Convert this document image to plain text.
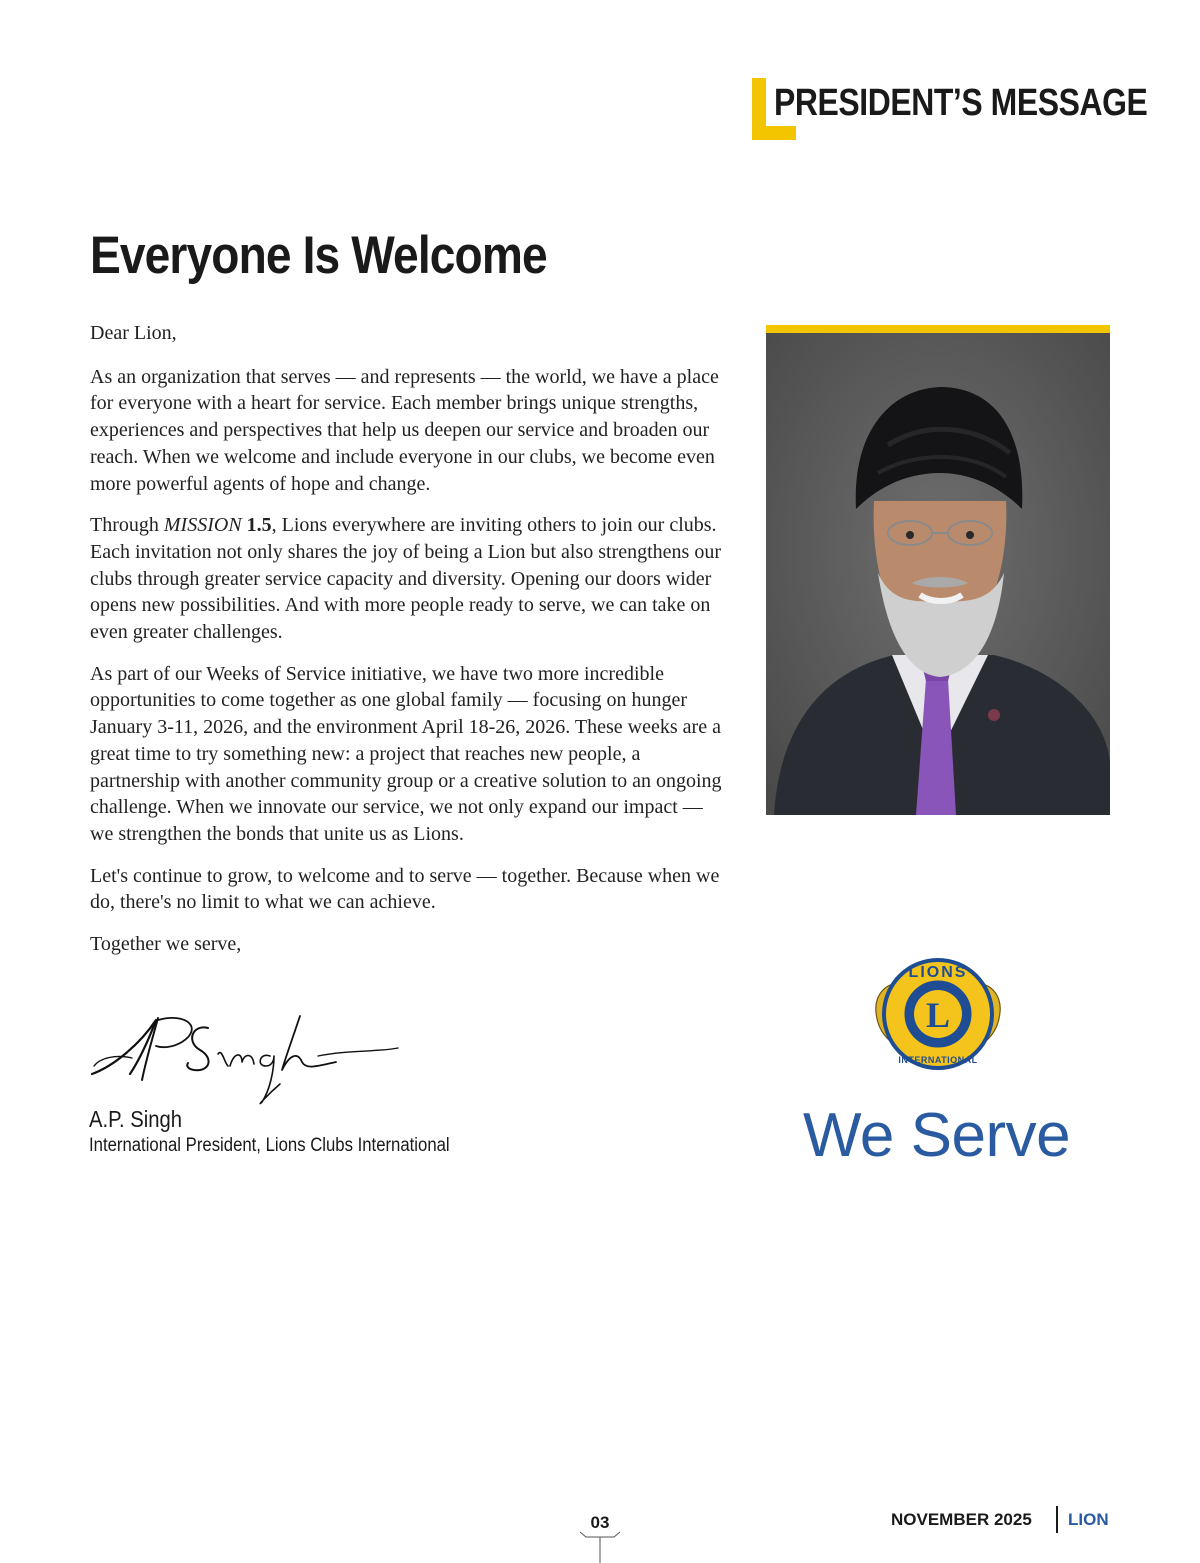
PRESIDENT’S MESSAGE
Everyone Is Welcome

Dear Lion,

As an organization that serves — and represents — the world, we have a place for everyone with a heart for service. Each member brings unique strengths, experiences and perspectives that help us deepen our service and broaden our reach. When we welcome and include everyone in our clubs, we become even more powerful agents of hope and change.

Through MISSION 1.5, Lions everywhere are inviting others to join our clubs. Each invitation not only shares the joy of being a Lion but also strengthens our clubs through greater service capacity and diversity. Opening our doors wider opens new possibilities. And with more people ready to serve, we can take on even greater challenges.

As part of our Weeks of Service initiative, we have two more incredible opportunities to come together as one global family — focusing on hunger January 3-11, 2026, and the environment April 18-26, 2026. These weeks are a great time to try something new: a project that reaches new people, a partnership with another community group or a creative solution to an ongoing challenge. When we innovate our service, we not only expand our impact — we strengthen the bonds that unite us as Lions.

Let's continue to grow, to welcome and to serve — together. Because when we do, there's no limit to what we can achieve.

Together we serve,

A.P. Singh
International President, Lions Clubs International
L
LIONS
INTERNATIONAL
We Serve
03	NOVEMBER 2025 LION
